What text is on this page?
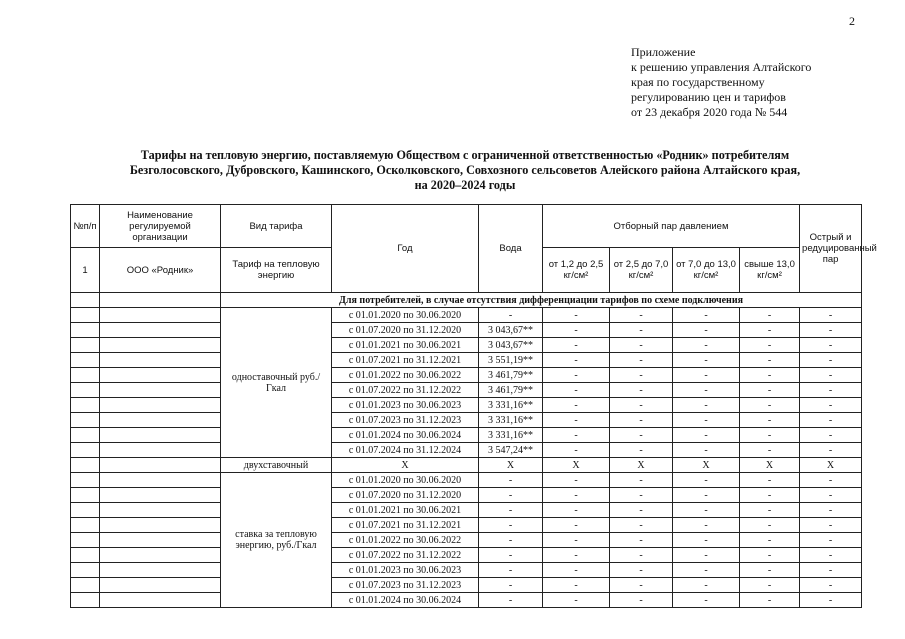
2
Приложение
к решению управления Алтайского
края по государственному
регулированию цен и тарифов
от 23 декабря 2020 года № 544
Тарифы на тепловую энергию, поставляемую Обществом с ограниченной ответственностью «Родник» потребителям
Безголосовского, Дубровского, Кашинского, Осколковского, Совхозного сельсоветов Алейского района Алтайского края,
на 2020–2024 годы
№п/п	Наименование регулируемой организации	Вид тарифа	Год	Вода	Отборный пар давлением				Острый и редуцированный пар
1	ООО «Родник»	Тариф на тепловую энергию			от 1,2 до 2,5 кг/см²	от 2,5 до 7,0 кг/см²	от 7,0 до 13,0 кг/см²	свыше 13,0 кг/см²	
		Для потребителей, в случае отсутствия дифференциации тарифов по схеме подключения							
		одноставочный руб./Гкал	с 01.01.2020 по 30.06.2020	-	-	-	-	-	-
			с 01.07.2020 по 31.12.2020	3 043,67**	-	-	-	-	-
			с 01.01.2021 по 30.06.2021	3 043,67**	-	-	-	-	-
			с 01.07.2021 по 31.12.2021	3 551,19**	-	-	-	-	-
			с 01.01.2022 по 30.06.2022	3 461,79**	-	-	-	-	-
			с 01.07.2022 по 31.12.2022	3 461,79**	-	-	-	-	-
			с 01.01.2023 по 30.06.2023	3 331,16**	-	-	-	-	-
			с 01.07.2023 по 31.12.2023	3 331,16**	-	-	-	-	-
			с 01.01.2024 по 30.06.2024	3 331,16**	-	-	-	-	-
			с 01.07.2024 по 31.12.2024	3 547,24**	-	-	-	-	-
		двухставочный	X	X	X	X	X	X	X
		ставка за тепловую энергию, руб./Гкал	с 01.01.2020 по 30.06.2020	-	-	-	-	-	-
			с 01.07.2020 по 31.12.2020	-	-	-	-	-	-
			с 01.01.2021 по 30.06.2021	-	-	-	-	-	-
			с 01.07.2021 по 31.12.2021	-	-	-	-	-	-
			с 01.01.2022 по 30.06.2022	-	-	-	-	-	-
			с 01.07.2022 по 31.12.2022	-	-	-	-	-	-
			с 01.01.2023 по 30.06.2023	-	-	-	-	-	-
			с 01.07.2023 по 31.12.2023	-	-	-	-	-	-
			с 01.01.2024 по 30.06.2024	-	-	-	-	-	-
